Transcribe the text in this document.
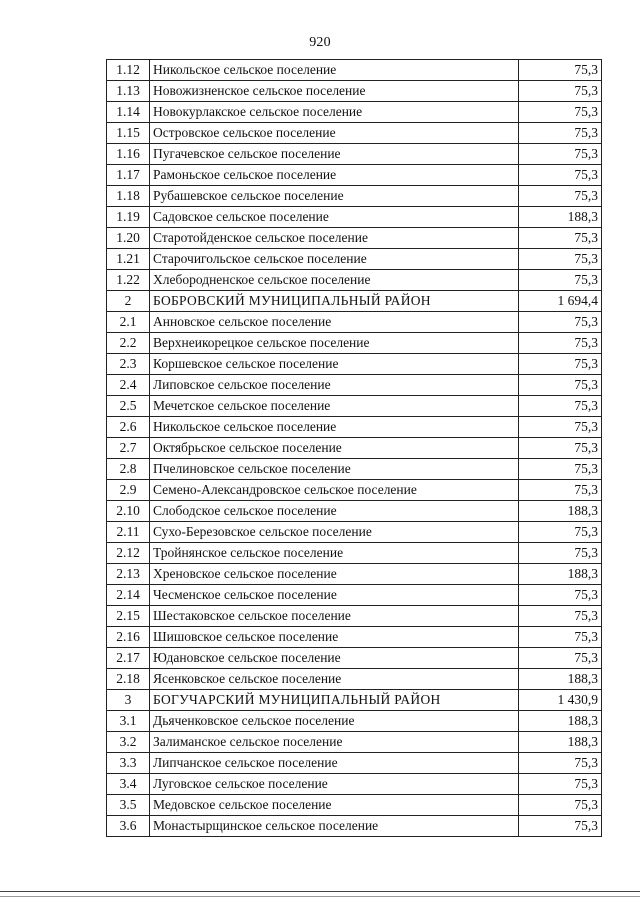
920
1.12	Никольское сельское поселение	75,3
1.13	Новожизненское сельское поселение	75,3
1.14	Новокурлакское сельское поселение	75,3
1.15	Островское сельское поселение	75,3
1.16	Пугачевское сельское поселение	75,3
1.17	Рамоньское сельское поселение	75,3
1.18	Рубашевское сельское поселение	75,3
1.19	Садовское сельское поселение	188,3
1.20	Старотойденское сельское поселение	75,3
1.21	Старочигольское сельское поселение	75,3
1.22	Хлебородненское сельское поселение	75,3
2	БОБРОВСКИЙ МУНИЦИПАЛЬНЫЙ РАЙОН	1 694,4
2.1	Анновское сельское поселение	75,3
2.2	Верхнеикорецкое сельское поселение	75,3
2.3	Коршевское сельское поселение	75,3
2.4	Липовское сельское поселение	75,3
2.5	Мечетское сельское поселение	75,3
2.6	Никольское сельское поселение	75,3
2.7	Октябрьское сельское поселение	75,3
2.8	Пчелиновское сельское поселение	75,3
2.9	Семено-Александровское сельское поселение	75,3
2.10	Слободское сельское поселение	188,3
2.11	Сухо-Березовское сельское поселение	75,3
2.12	Тройнянское сельское поселение	75,3
2.13	Хреновское сельское поселение	188,3
2.14	Чесменское сельское поселение	75,3
2.15	Шестаковское сельское поселение	75,3
2.16	Шишовское сельское поселение	75,3
2.17	Юдановское сельское поселение	75,3
2.18	Ясенковское сельское поселение	188,3
3	БОГУЧАРСКИЙ МУНИЦИПАЛЬНЫЙ РАЙОН	1 430,9
3.1	Дьяченковское сельское поселение	188,3
3.2	Залиманское сельское поселение	188,3
3.3	Липчанское сельское поселение	75,3
3.4	Луговское сельское поселение	75,3
3.5	Медовское сельское поселение	75,3
3.6	Монастырщинское сельское поселение	75,3
